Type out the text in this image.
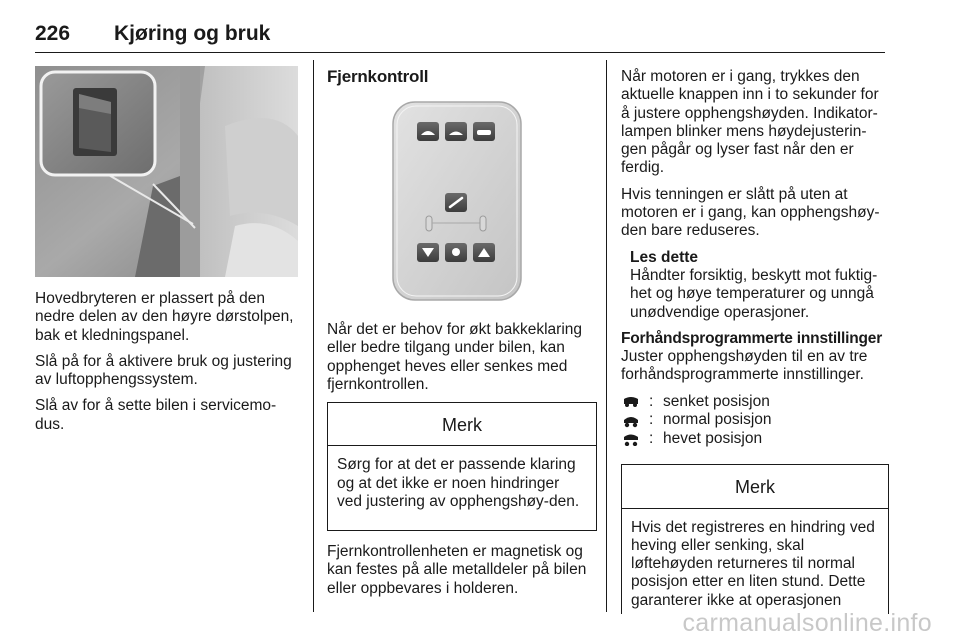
226 Kjøring og bruk

Hovedbryteren er plassert på den nedre delen av den høyre dørstolpen, bak et kledningspanel.

Slå på for å aktivere bruk og justering av luftopphengssystem.

Slå av for å sette bilen i servicemo-dus.

Fjernkontroll

Når det er behov for økt bakkeklaring eller bedre tilgang under bilen, kan opphenget heves eller senkes med fjernkontrollen.

Merk
Sørg for at det er passende klaring og at det ikke er noen hindringer ved justering av opphengshøy-den.

Fjernkontrollenheten er magnetisk og kan festes på alle metalldeler på bilen eller oppbevares i holderen.

Når motoren er i gang, trykkes den aktuelle knappen inn i to sekunder for å justere opphengshøyden. Indikator-lampen blinker mens høydejusterin-gen pågår og lyser fast når den er ferdig.

Hvis tenningen er slått på uten at motoren er i gang, kan opphengshøy-den bare reduseres.

Les dette
Håndter forsiktig, beskytt mot fuktig-het og høye temperaturer og unngå unødvendige operasjoner.

Forhåndsprogrammerte innstillinger

Juster opphengshøyden til en av tre forhåndsprogrammerte innstillinger.

: senket posisjon
: normal posisjon
: hevet posisjon
Merk
Hvis det registreres en hindring ved heving eller senking, skal løftehøyden returneres til normal posisjon etter en liten stund. Dette garanterer ikke at operasjonen
carmanualsonline.info
